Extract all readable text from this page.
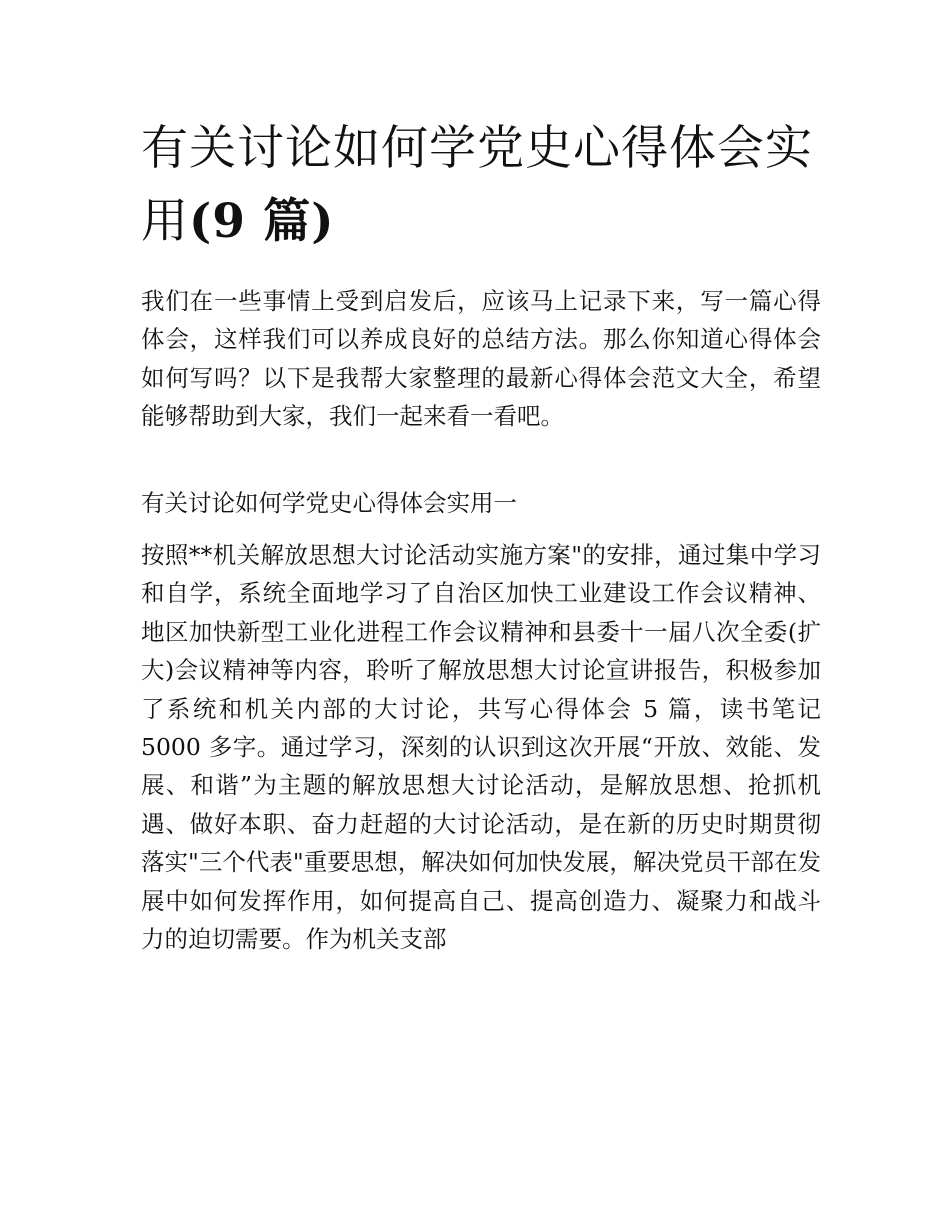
有关讨论如何学党史心得体会实用(9 篇)

我们在一些事情上受到启发后，应该马上记录下来，写一篇心得体会，这样我们可以养成良好的总结方法。那么你知道心得体会如何写吗？以下是我帮大家整理的最新心得体会范文大全，希望能够帮助到大家，我们一起来看一看吧。

有关讨论如何学党史心得体会实用一

按照**机关解放思想大讨论活动实施方案"的安排，通过集中学习和自学，系统全面地学习了自治区加快工业建设工作会议精神、地区加快新型工业化进程工作会议精神和县委十一届八次全委(扩大)会议精神等内容，聆听了解放思想大讨论宣讲报告，积极参加了系统和机关内部的大讨论，共写心得体会 5 篇，读书笔记 5000 多字。通过学习，深刻的认识到这次开展“开放、效能、发展、和谐”为主题的解放思想大讨论活动，是解放思想、抢抓机遇、做好本职、奋力赶超的大讨论活动，是在新的历史时期贯彻落实"三个代表"重要思想，解决如何加快发展，解决党员干部在发展中如何发挥作用，如何提高自己、提高创造力、凝聚力和战斗力的迫切需要。作为机关支部
